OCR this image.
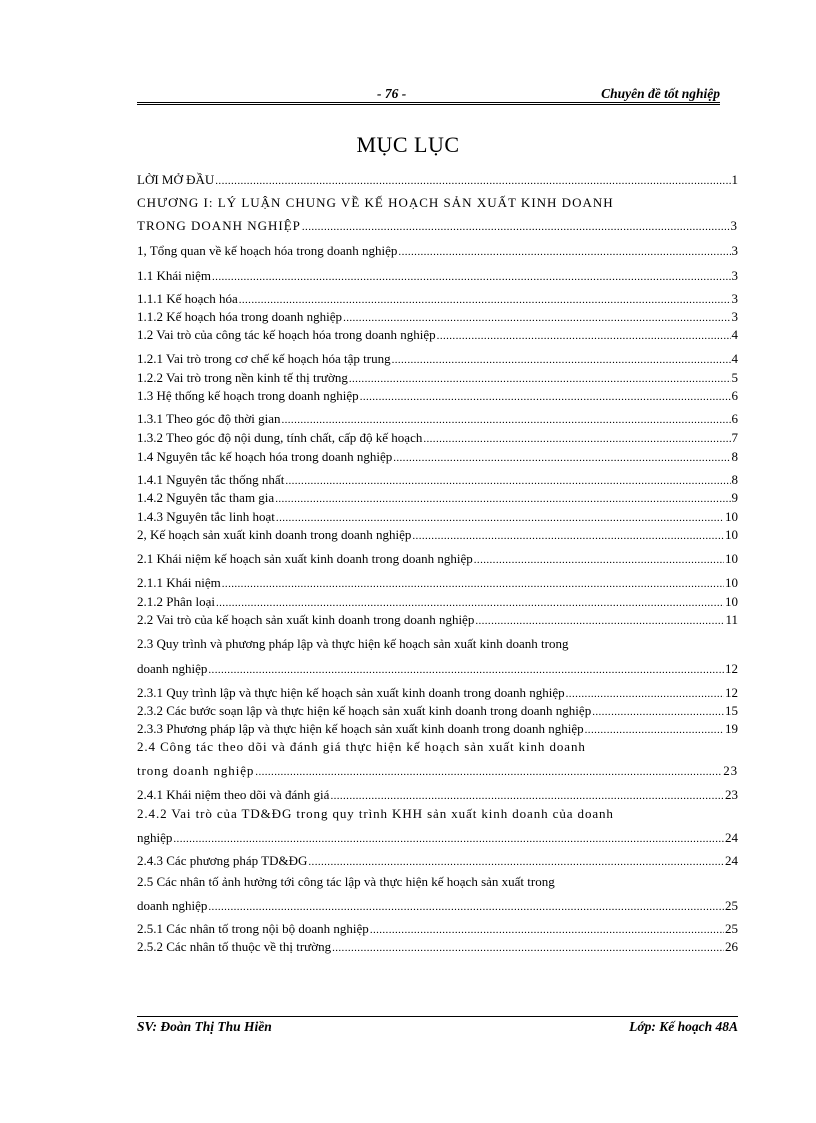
- 76 -	Chuyên đề tốt nghiệp
MỤC LỤC
LỜI MỞ ĐẦU .....	1
CHƯƠNG I: LÝ LUẬN CHUNG VỀ KẾ HOẠCH SẢN XUẤT KINH DOANH
TRONG DOANH NGHIỆP .....	3
1, Tổng quan về kế hoạch hóa trong doanh nghiệp .....	3
1.1 Khái niệm .....	3
1.1.1 Kế hoạch hóa .....	3
1.1.2 Kế hoạch hóa trong doanh nghiệp .....	3
1.2 Vai trò của công tác kế hoạch hóa trong doanh nghiệp .....	4
1.2.1 Vai trò trong cơ chế kế hoạch hóa tập trung .....	4
1.2.2 Vai trò trong nền kinh tế thị trường .....	5
1.3 Hệ thống kế hoạch trong doanh nghiệp .....	6
1.3.1 Theo góc độ thời gian .....	6
1.3.2 Theo góc độ nội dung, tính chất, cấp độ kế hoạch .....	7
1.4 Nguyên tắc kế hoạch hóa trong doanh nghiệp .....	8
1.4.1 Nguyên tắc thống nhất .....	8
1.4.2 Nguyên tắc tham gia .....	9
1.4.3 Nguyên tắc linh hoạt .....	10
2, Kế hoạch sản xuất kinh doanh trong doanh nghiệp .....	10
2.1 Khái niệm kế hoạch sản xuất kinh doanh trong doanh nghiệp .....	10
2.1.1 Khái niệm .....	10
2.1.2 Phân loại .....	10
2.2 Vai trò của kế hoạch sản xuất kinh doanh trong doanh nghiệp .....	11
2.3 Quy trình và phương pháp lập và thực hiện kế hoạch sản xuất kinh doanh trong
doanh nghiệp .....	12
2.3.1 Quy trình lập và thực hiện kế hoạch sản xuất kinh doanh trong doanh nghiệp .....	12
2.3.2 Các bước soạn lập và thực hiện kế hoạch sản xuất kinh doanh trong doanh nghiệp .....	15
2.3.3 Phương pháp lập và thực hiện kế hoạch sản xuất kinh doanh trong doanh nghiệp .....	19
2.4 Công tác theo dõi và đánh giá thực hiện kế hoạch sản xuất kinh doanh
trong doanh nghiệp .....	23
2.4.1 Khái niệm theo dõi và đánh giá .....	23
2.4.2 Vai trò của TD&ĐG trong quy trình KHH sản xuất kinh doanh của doanh
nghiệp .....	24
2.4.3 Các phương pháp TD&ĐG .....	24
2.5 Các nhân tố ảnh hưởng tới công tác lập và thực hiện kế hoạch sản xuất trong
doanh nghiệp .....	25
2.5.1 Các nhân tố trong nội bộ doanh nghiệp .....	25
2.5.2 Các nhân tố thuộc về thị trường .....	26
SV: Đoàn Thị Thu Hiền	Lớp: Kế hoạch 48A
